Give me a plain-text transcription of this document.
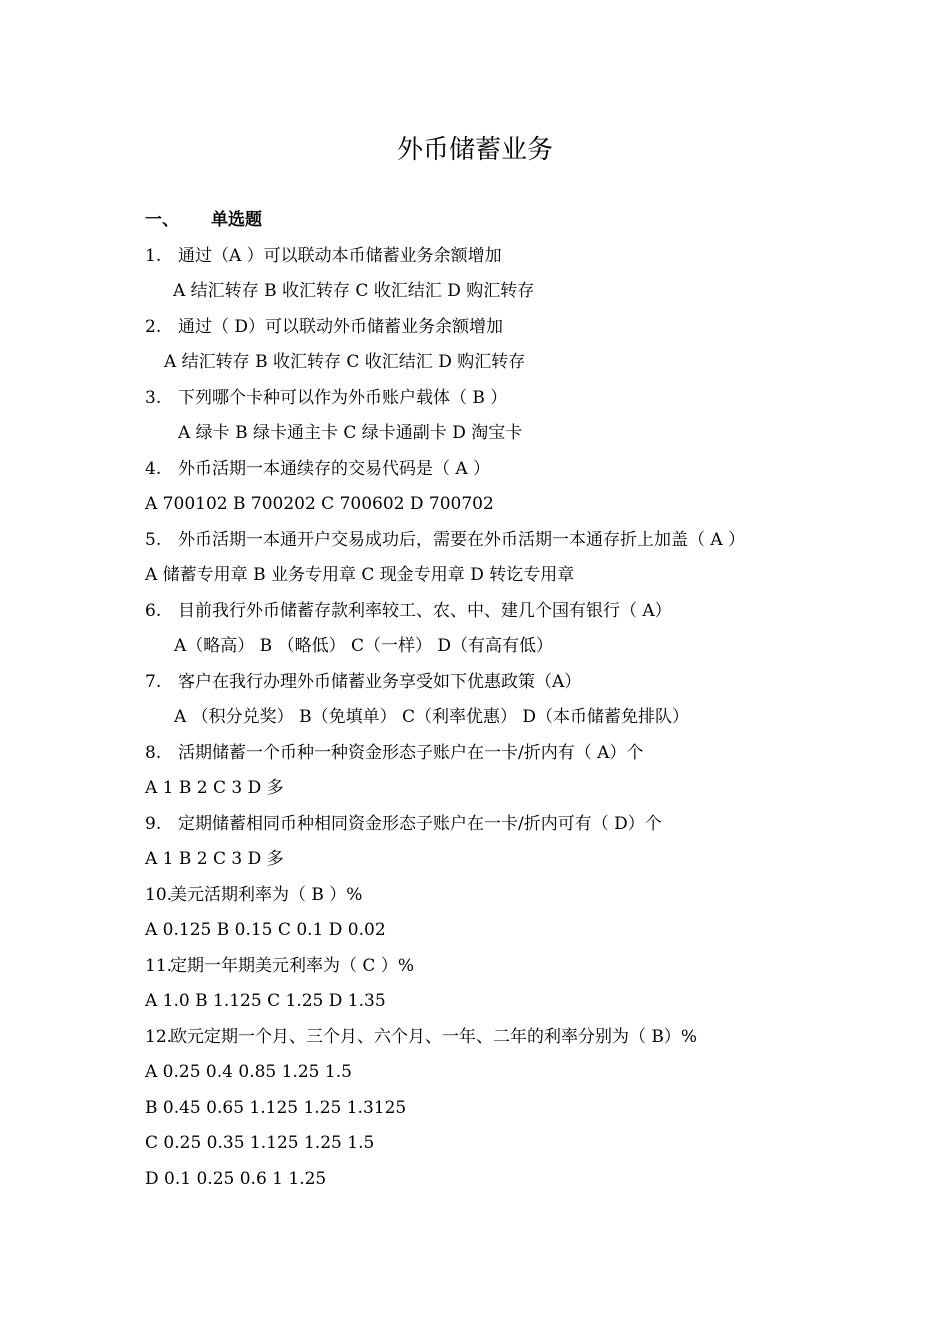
外币储蓄业务
一、 单选题
1. 通过（A ）可以联动本币储蓄业务余额增加
A 结汇转存 B 收汇转存 C 收汇结汇 D 购汇转存
2. 通过（ D）可以联动外币储蓄业务余额增加
A 结汇转存 B 收汇转存 C 收汇结汇 D 购汇转存
3. 下列哪个卡种可以作为外币账户载体（ B ）
A 绿卡 B 绿卡通主卡 C 绿卡通副卡 D 淘宝卡
4. 外币活期一本通续存的交易代码是（ A ）
A 700102 B 700202 C 700602 D 700702
5. 外币活期一本通开户交易成功后，需要在外币活期一本通存折上加盖（ A ）
A 储蓄专用章 B 业务专用章 C 现金专用章 D 转讫专用章
6. 目前我行外币储蓄存款利率较工、农、中、建几个国有银行（ A）
A（略高） B （略低） C（一样） D（有高有低）
7. 客户在我行办理外币储蓄业务享受如下优惠政策（A）
A （积分兑奖） B（免填单） C（利率优惠） D（本币储蓄免排队）
8. 活期储蓄一个币种一种资金形态子账户在一卡/折内有（ A）个
A 1 B 2 C 3 D 多
9. 定期储蓄相同币种相同资金形态子账户在一卡/折内可有（ D）个
A 1 B 2 C 3 D 多
10.美元活期利率为（ B ）%
A 0.125 B 0.15 C 0.1 D 0.02
11.定期一年期美元利率为（ C ）%
A 1.0 B 1.125 C 1.25 D 1.35
12.欧元定期一个月、三个月、六个月、一年、二年的利率分别为（ B）%
A 0.25 0.4 0.85 1.25 1.5
B 0.45 0.65 1.125 1.25 1.3125
C 0.25 0.35 1.125 1.25 1.5
D 0.1 0.25 0.6 1 1.25
